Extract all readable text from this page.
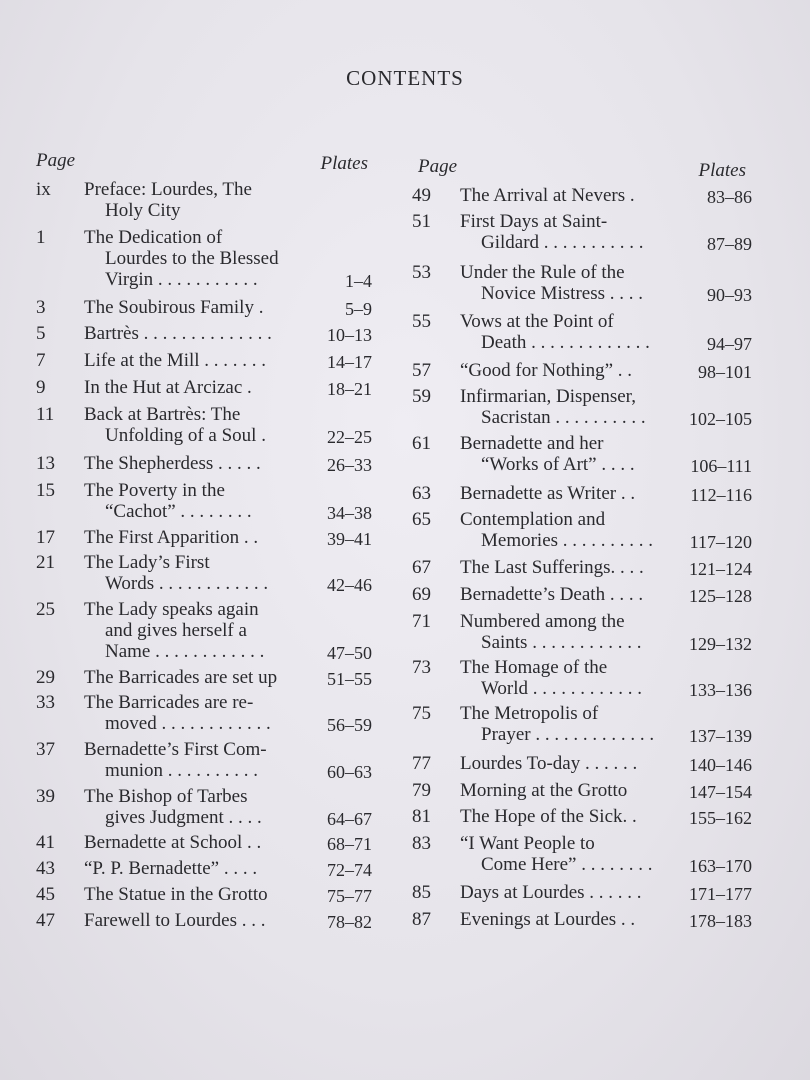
CONTENTS
Page	Plates
ix	Preface: Lourdes, The
Holy City
1	The Dedication of
Lourdes to the Blessed
Virgin . . . . . . . . . . .	1–4
3	The Soubirous Family .	5–9
5	Bartrès . . . . . . . . . . . . . .	10–13
7	Life at the Mill . . . . . . .	14–17
9	In the Hut at Arcizac .	18–21
11	Back at Bartrès: The
Unfolding of a Soul .	22–25
13	The Shepherdess . . . . .	26–33
15	The Poverty in the
“Cachot” . . . . . . . .	34–38
17	The First Apparition . .	39–41
21	The Lady’s First
Words . . . . . . . . . . . .	42–46
25	The Lady speaks again
and gives herself a
Name . . . . . . . . . . . .	47–50
29	The Barricades are set up	51–55
33	The Barricades are re-
moved . . . . . . . . . . . .	56–59
37	Bernadette’s First Com-
munion . . . . . . . . . .	60–63
39	The Bishop of Tarbes
gives Judgment . . . .	64–67
41	Bernadette at School . .	68–71
43	“P. P. Bernadette” . . . .	72–74
45	The Statue in the Grotto	75–77
47	Farewell to Lourdes . . .	78–82
Page	Plates
49	The Arrival at Nevers .	83–86
51	First Days at Saint-
Gildard . . . . . . . . . . .	87–89
53	Under the Rule of the
Novice Mistress . . . .	90–93
55	Vows at the Point of
Death . . . . . . . . . . . . .	94–97
57	“Good for Nothing” . .	98–101
59	Infirmarian, Dispenser,
Sacristan . . . . . . . . . . 102–105
61	Bernadette and her
“Works of Art” . . . .	106–111
63	Bernadette as Writer . .	112–116
65	Contemplation and
Memories . . . . . . . . . . 117–120
67	The Last Sufferings. . . .	121–124
69	Bernadette’s Death . . . .	125–128
71	Numbered among the
Saints . . . . . . . . . . . .	129–132
73	The Homage of the
World . . . . . . . . . . . .	133–136
75	The Metropolis of
Prayer . . . . . . . . . . . . . 137–139
77	Lourdes To-day . . . . . .	140–146
79	Morning at the Grotto	147–154
81	The Hope of the Sick. .	155–162
83	“I Want People to
Come Here” . . . . . . . . 163–170
85	Days at Lourdes . . . . . .	171–177
87	Evenings at Lourdes . .	178–183
